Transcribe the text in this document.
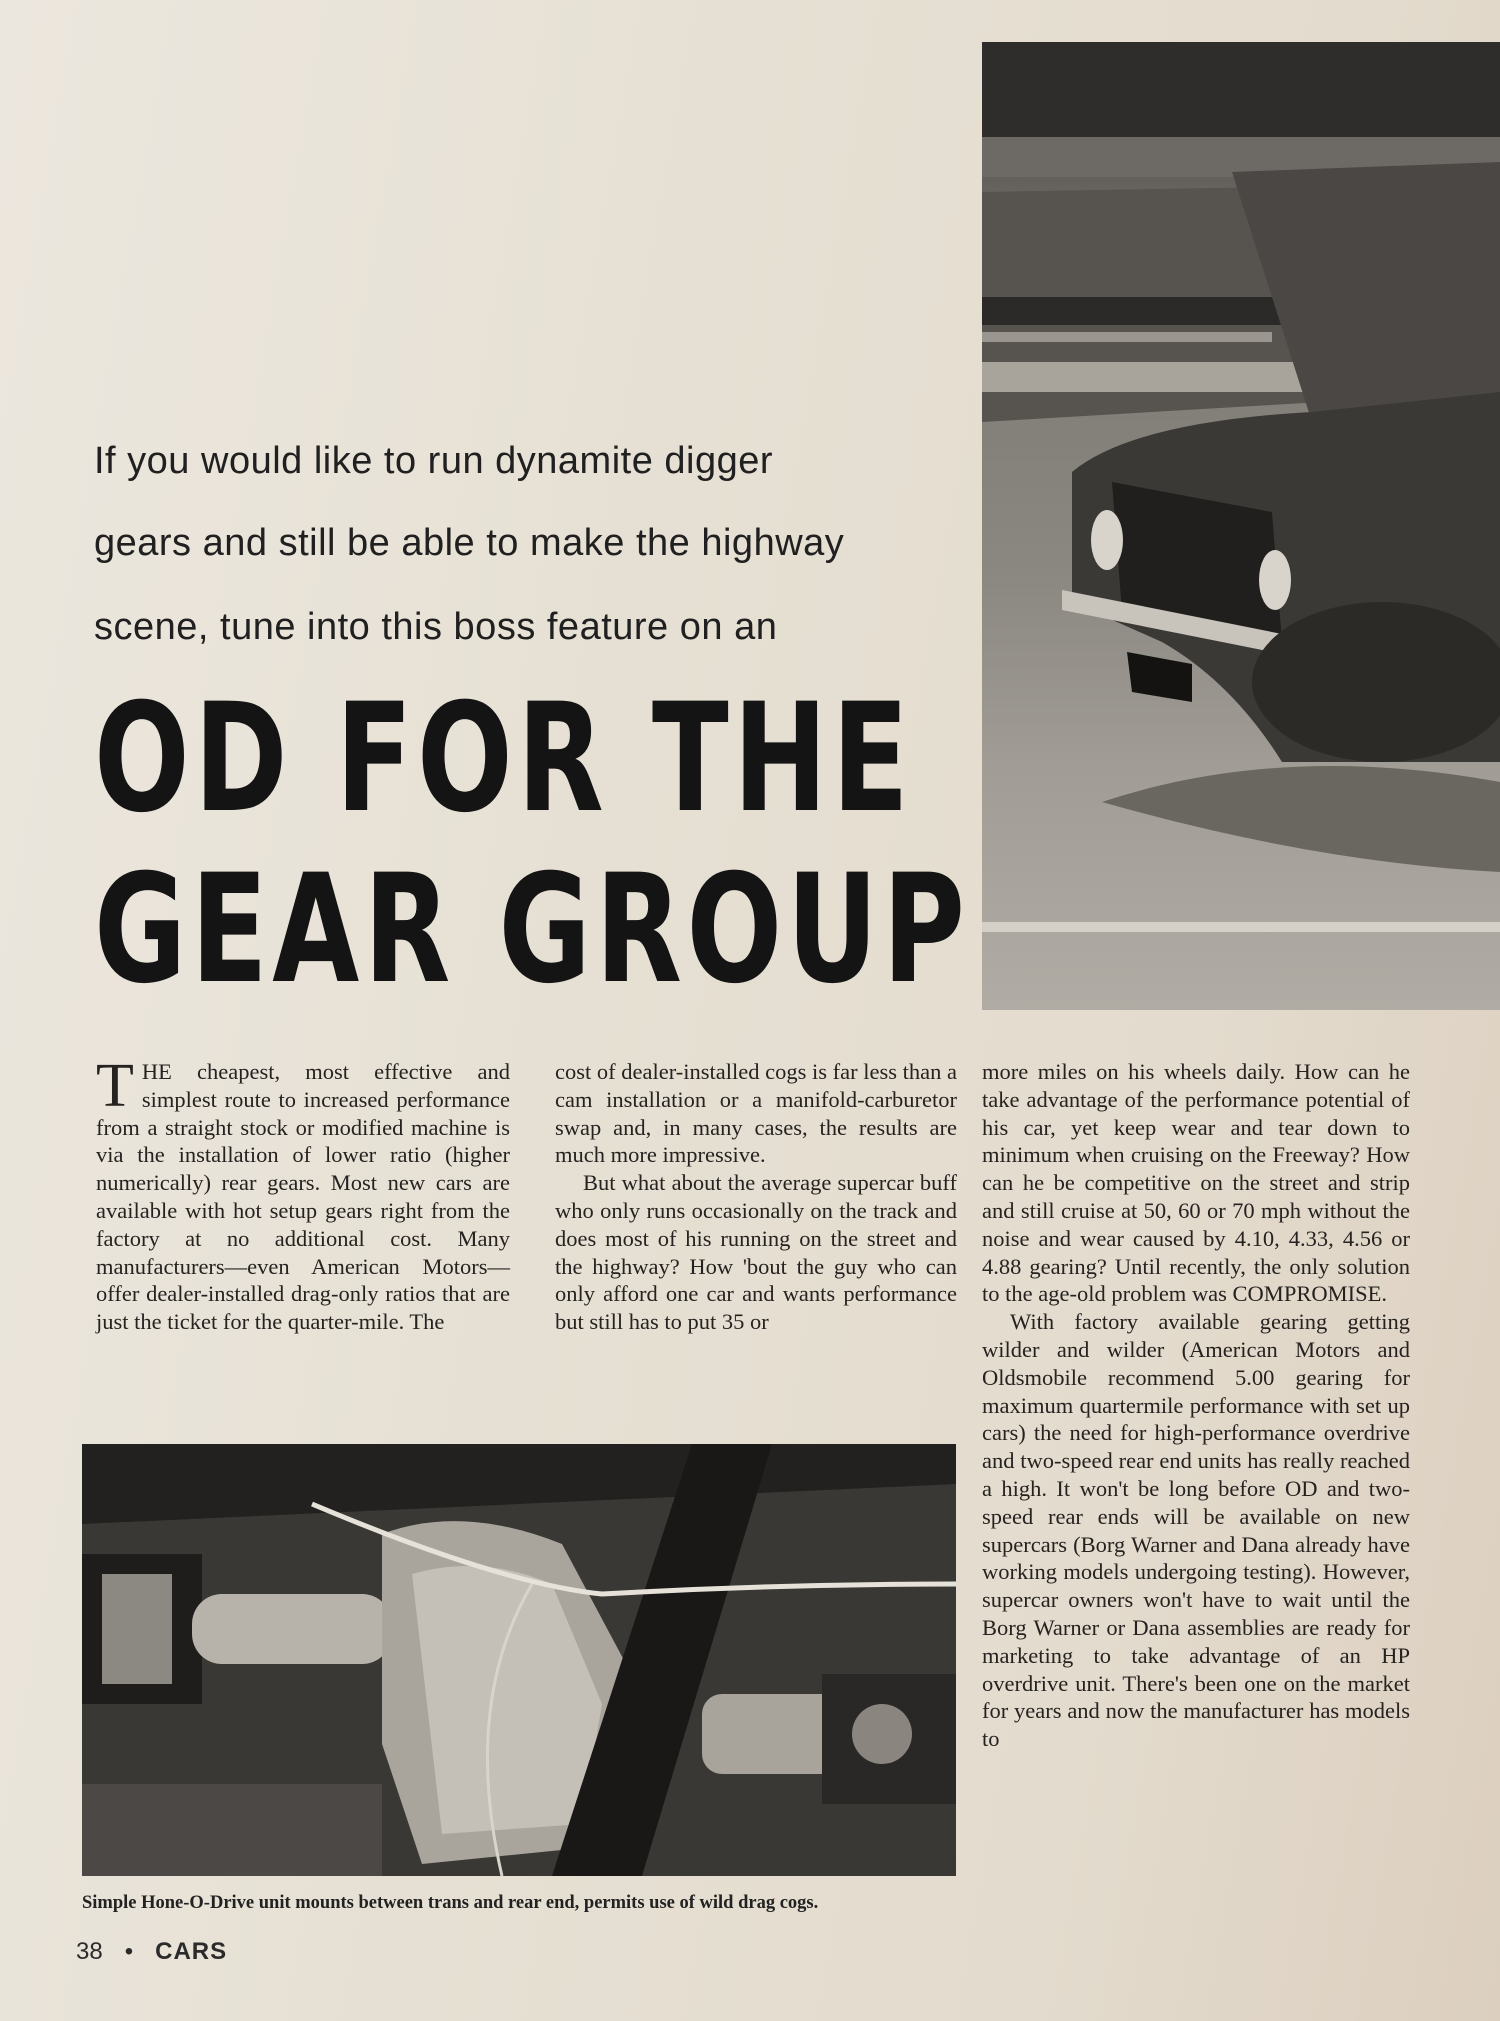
If you would like to run dynamite digger
gears and still be able to make the highway
scene, tune into this boss feature on an
OD FOR THE
GEAR GROUP

THE cheapest, most effective and simplest route to increased performance from a straight stock or modified machine is via the installation of lower ratio (higher numerically) rear gears. Most new cars are available with hot setup gears right from the factory at no additional cost. Many manufacturers—even American Motors—offer dealer-installed drag-only ratios that are just the ticket for the quarter-mile. The

cost of dealer-installed cogs is far less than a cam installation or a manifold-carburetor swap and, in many cases, the results are much more impressive.

But what about the average supercar buff who only runs occasionally on the track and does most of his running on the street and the highway? How 'bout the guy who can only afford one car and wants performance but still has to put 35 or

more miles on his wheels daily. How can he take advantage of the performance potential of his car, yet keep wear and tear down to minimum when cruising on the Freeway? How can he be competitive on the street and strip and still cruise at 50, 60 or 70 mph without the noise and wear caused by 4.10, 4.33, 4.56 or 4.88 gearing? Until recently, the only solution to the age-old problem was COMPROMISE.

With factory available gearing getting wilder and wilder (American Motors and Oldsmobile recommend 5.00 gearing for maximum quartermile performance with set up cars) the need for high-performance overdrive and two-speed rear end units has really reached a high. It won't be long before OD and two-speed rear ends will be available on new supercars (Borg Warner and Dana already have working models undergoing testing). However, supercar owners won't have to wait until the Borg Warner or Dana assemblies are ready for marketing to take advantage of an HP overdrive unit. There's been one on the market for years and now the manufacturer has models to

Simple Hone-O-Drive unit mounts between trans and rear end, permits use of wild drag cogs.
38 • CARS
